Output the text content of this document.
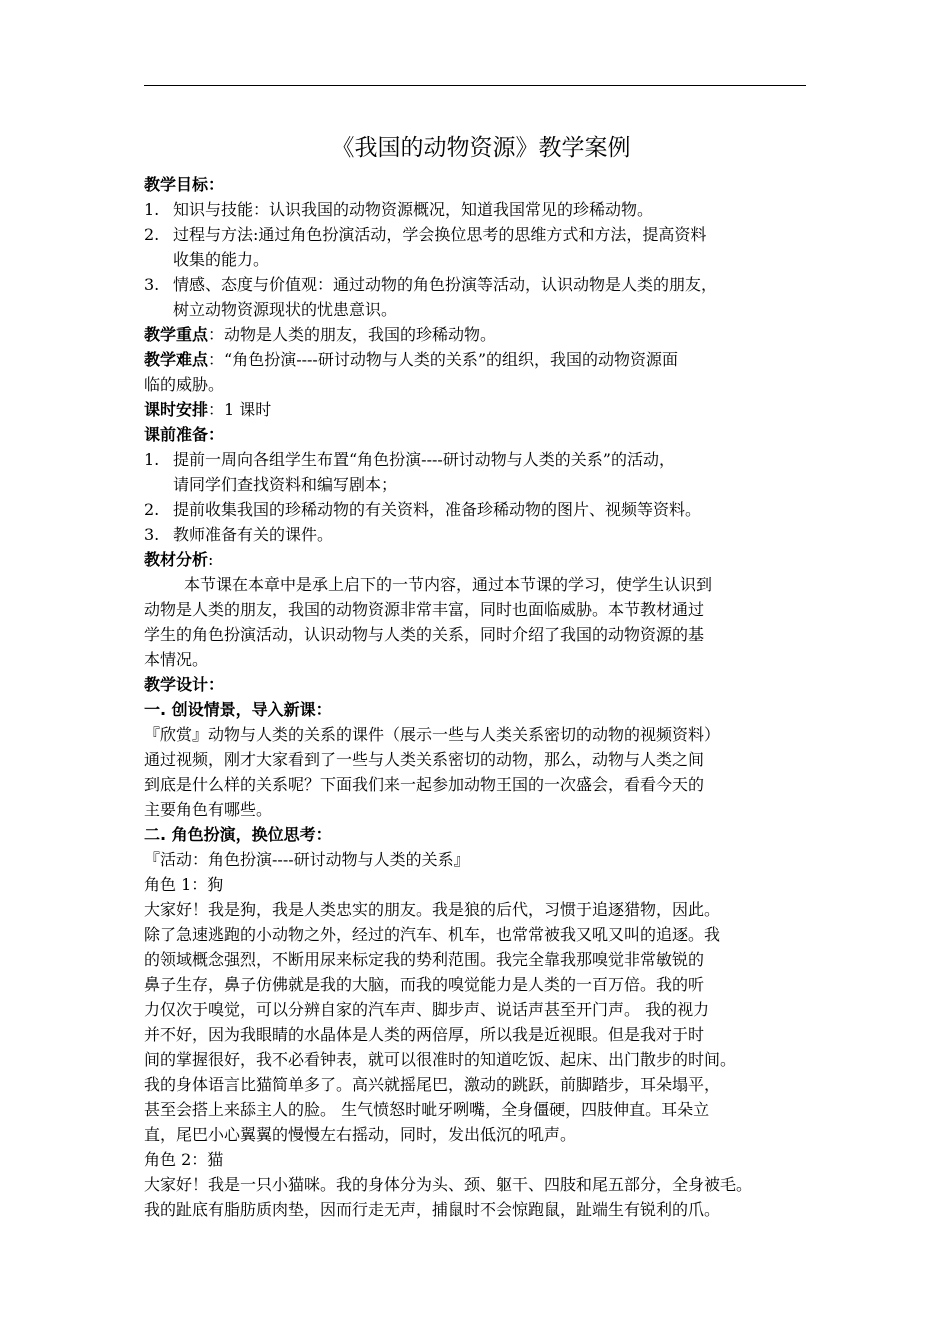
《我国的动物资源》教学案例
教学目标：
1. 知识与技能：认识我国的动物资源概况，知道我国常见的珍稀动物。
2. 过程与方法:通过角色扮演活动，学会换位思考的思维方式和方法，提高资料
收集的能力。
3. 情感、态度与价值观：通过动物的角色扮演等活动，认识动物是人类的朋友，
树立动物资源现状的忧患意识。
教学重点：动物是人类的朋友，我国的珍稀动物。
教学难点：“角色扮演----研讨动物与人类的关系”的组织，我国的动物资源面
临的威胁。
课时安排：1 课时
课前准备：
1. 提前一周向各组学生布置“角色扮演----研讨动物与人类的关系”的活动，
请同学们查找资料和编写剧本；
2. 提前收集我国的珍稀动物的有关资料，准备珍稀动物的图片、视频等资料。
3. 教师准备有关的课件。
教材分析:
本节课在本章中是承上启下的一节内容，通过本节课的学习，使学生认识到
动物是人类的朋友，我国的动物资源非常丰富，同时也面临威胁。本节教材通过
学生的角色扮演活动，认识动物与人类的关系，同时介绍了我国的动物资源的基
本情况。
教学设计：
一. 创设情景，导入新课：
『欣赏』动物与人类的关系的课件（展示一些与人类关系密切的动物的视频资料）
通过视频，刚才大家看到了一些与人类关系密切的动物，那么，动物与人类之间
到底是什么样的关系呢？下面我们来一起参加动物王国的一次盛会，看看今天的
主要角色有哪些。
二. 角色扮演，换位思考：
『活动：角色扮演----研讨动物与人类的关系』
角色 1：狗
大家好！我是狗，我是人类忠实的朋友。我是狼的后代，习惯于追逐猎物，因此。
除了急速逃跑的小动物之外，经过的汽车、机车，也常常被我又吼又叫的追逐。我
的领域概念强烈，不断用尿来标定我的势利范围。我完全靠我那嗅觉非常敏锐的
鼻子生存，鼻子仿佛就是我的大脑，而我的嗅觉能力是人类的一百万倍。我的听
力仅次于嗅觉，可以分辨自家的汽车声、脚步声、说话声甚至开门声。 我的视力
并不好，因为我眼睛的水晶体是人类的两倍厚，所以我是近视眼。但是我对于时
间的掌握很好，我不必看钟表，就可以很准时的知道吃饭、起床、出门散步的时间。
我的身体语言比猫简单多了。高兴就摇尾巴，激动的跳跃，前脚踏步，耳朵塌平，
甚至会搭上来舔主人的脸。 生气愤怒时呲牙咧嘴，全身僵硬，四肢伸直。耳朵立
直，尾巴小心翼翼的慢慢左右摇动，同时，发出低沉的吼声。
角色 2：猫
大家好！我是一只小猫咪。我的身体分为头、颈、躯干、四肢和尾五部分，全身被毛。
我的趾底有脂肪质肉垫，因而行走无声，捕鼠时不会惊跑鼠，趾端生有锐利的爪。
